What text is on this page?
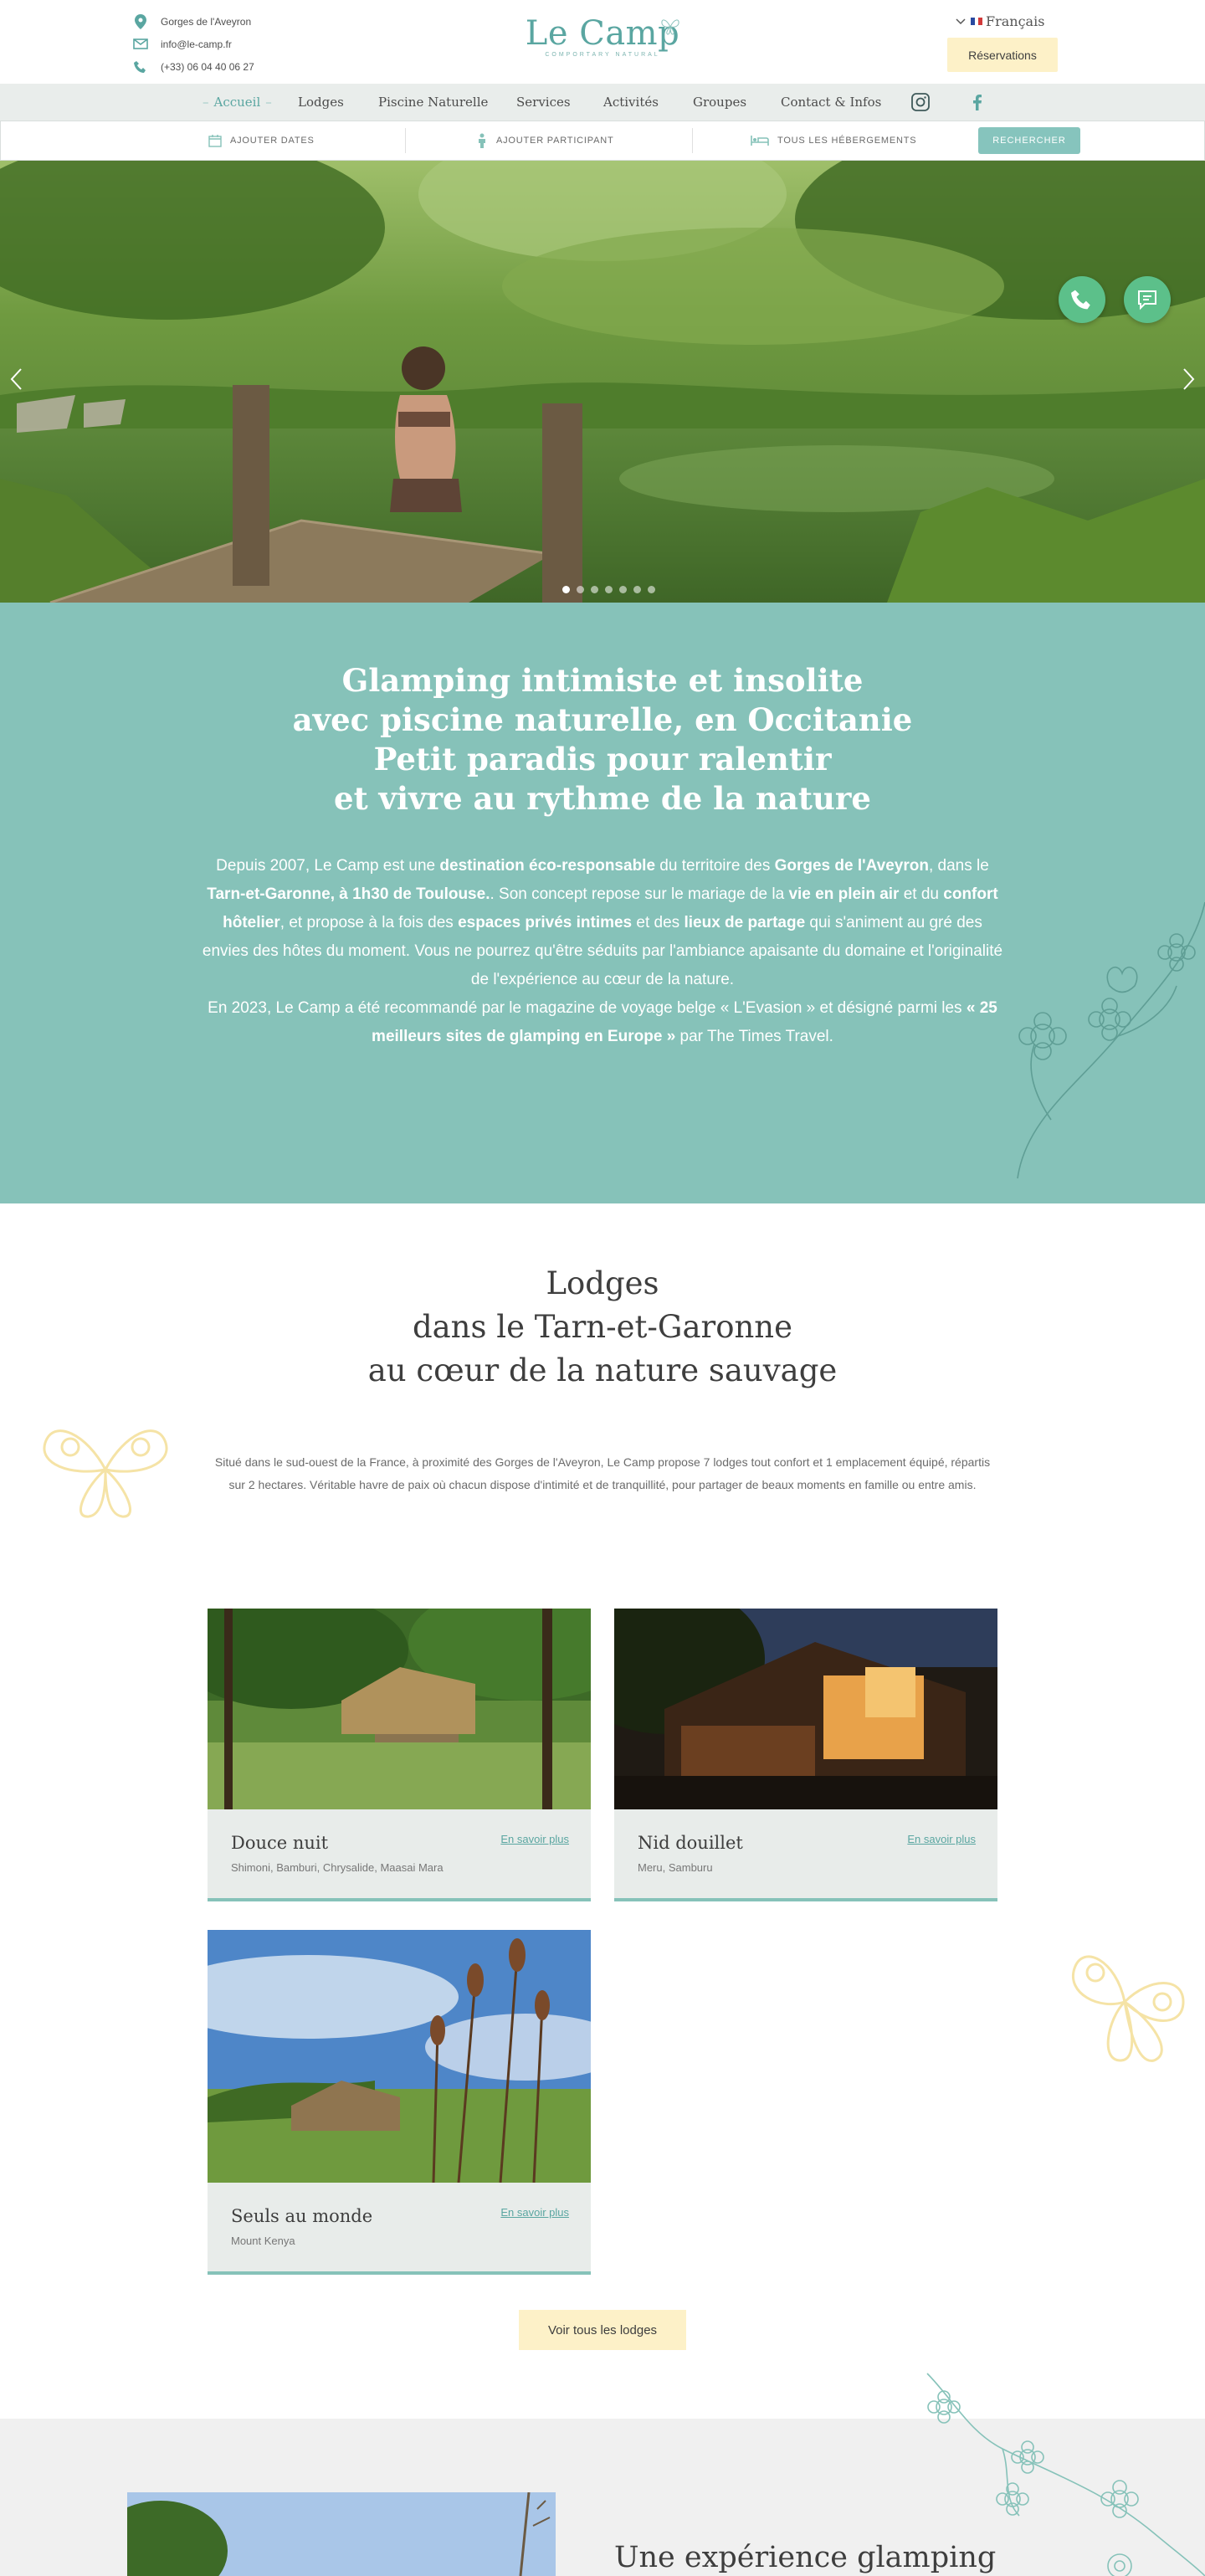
Gorges de l'Aveyron
info@le-camp.fr
(+33) 06 04 40 06 27
Le Camp
COMPORTARY NATURAL
Français
Réservations
– Accueil – Lodges	Piscine Naturelle Services	Activités	Groupes	Contact & Infos
AJOUTER DATES	AJOUTER PARTICIPANT	TOUS LES HÉBERGEMENTS	RECHERCHER
Glamping intimiste et insolite
avec piscine naturelle, en Occitanie
Petit paradis pour ralentir
et vivre au rythme de la nature

Depuis 2007, Le Camp est une destination éco-responsable du territoire des Gorges de l'Aveyron, dans le Tarn-et-Garonne, à 1h30 de Toulouse.. Son concept repose sur le mariage de la vie en plein air et du confort hôtelier, et propose à la fois des espaces privés intimes et des lieux de partage qui s'animent au gré des envies des hôtes du moment. Vous ne pourrez qu'être séduits par l'ambiance apaisante du domaine et l'originalité de l'expérience au cœur de la nature.

En 2023, Le Camp a été recommandé par le magazine de voyage belge « L'Evasion » et désigné parmi les « 25 meilleurs sites de glamping en Europe » par The Times Travel.

Lodges
dans le Tarn-et-Garonne
au cœur de la nature sauvage

Situé dans le sud-ouest de la France, à proximité des Gorges de l'Aveyron, Le Camp propose 7 lodges tout confort et 1 emplacement équipé, répartis sur 2 hectares. Véritable havre de paix où chacun dispose d'intimité et de tranquillité, pour partager de beaux moments en famille ou entre amis.

Douce nuit
Shimoni, Bamburi, Chrysalide, Maasai Mara
En savoir plus	Nid douillet
Meru, Samburu
En savoir plus
Seuls au monde
Mount Kenya
En savoir plus
Voir tous les lodges
Une expérience glamping
